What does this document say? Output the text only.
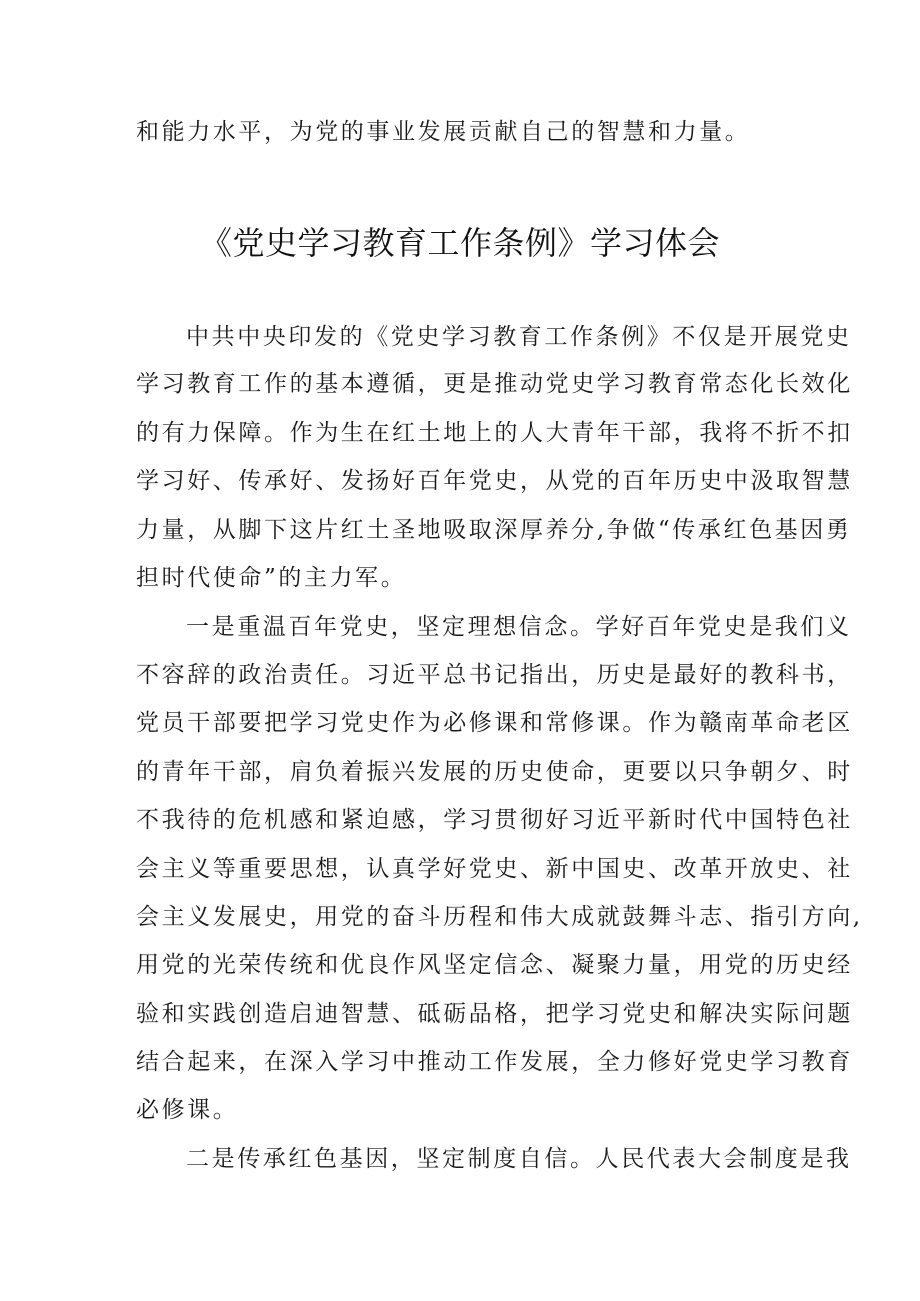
和能力水平，为党的事业发展贡献自己的智慧和力量。
《党史学习教育工作条例》学习体会
中共中央印发的《党史学习教育工作条例》不仅是开展党史
学习教育工作的基本遵循，更是推动党史学习教育常态化长效化
的有力保障。作为生在红土地上的人大青年干部，我将不折不扣
学习好、传承好、发扬好百年党史，从党的百年历史中汲取智慧
力量，从脚下这片红土圣地吸取深厚养分,争做“传承红色基因勇
担时代使命”的主力军。
一是重温百年党史，坚定理想信念。学好百年党史是我们义
不容辞的政治责任。习近平总书记指出，历史是最好的教科书，
党员干部要把学习党史作为必修课和常修课。作为赣南革命老区
的青年干部，肩负着振兴发展的历史使命，更要以只争朝夕、时
不我待的危机感和紧迫感，学习贯彻好习近平新时代中国特色社
会主义等重要思想，认真学好党史、新中国史、改革开放史、社
会主义发展史，用党的奋斗历程和伟大成就鼓舞斗志、指引方向,
用党的光荣传统和优良作风坚定信念、凝聚力量，用党的历史经
验和实践创造启迪智慧、砥砺品格，把学习党史和解决实际问题
结合起来，在深入学习中推动工作发展，全力修好党史学习教育
必修课。
二是传承红色基因，坚定制度自信。人民代表大会制度是我
